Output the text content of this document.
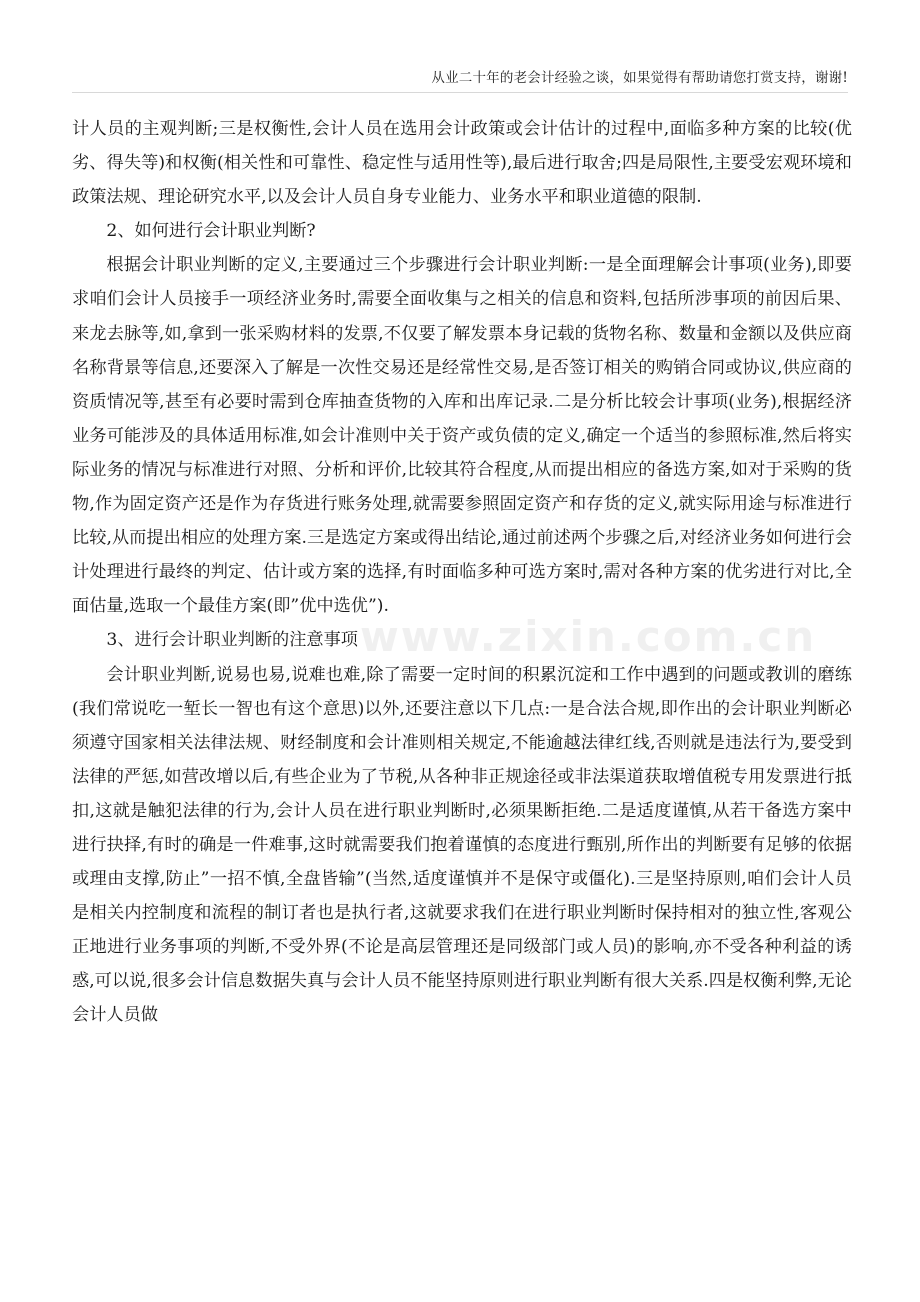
从业二十年的老会计经验之谈，如果觉得有帮助请您打赏支持，谢谢!
www.zixin.com.cn

计人员的主观判断;三是权衡性,会计人员在选用会计政策或会计估计的过程中,面临多种方案的比较(优劣、得失等)和权衡(相关性和可靠性、稳定性与适用性等),最后进行取舍;四是局限性,主要受宏观环境和政策法规、理论研究水平,以及会计人员自身专业能力、业务水平和职业道德的限制.

2、如何进行会计职业判断?

根据会计职业判断的定义,主要通过三个步骤进行会计职业判断:一是全面理解会计事项(业务),即要求咱们会计人员接手一项经济业务时,需要全面收集与之相关的信息和资料,包括所涉事项的前因后果、来龙去脉等,如,拿到一张采购材料的发票,不仅要了解发票本身记载的货物名称、数量和金额以及供应商名称背景等信息,还要深入了解是一次性交易还是经常性交易,是否签订相关的购销合同或协议,供应商的资质情况等,甚至有必要时需到仓库抽查货物的入库和出库记录.二是分析比较会计事项(业务),根据经济业务可能涉及的具体适用标准,如会计准则中关于资产或负债的定义,确定一个适当的参照标准,然后将实际业务的情况与标准进行对照、分析和评价,比较其符合程度,从而提出相应的备选方案,如对于采购的货物,作为固定资产还是作为存货进行账务处理,就需要参照固定资产和存货的定义,就实际用途与标准进行比较,从而提出相应的处理方案.三是选定方案或得出结论,通过前述两个步骤之后,对经济业务如何进行会计处理进行最终的判定、估计或方案的选择,有时面临多种可选方案时,需对各种方案的优劣进行对比,全面估量,选取一个最佳方案(即”优中选优”).

3、进行会计职业判断的注意事项

会计职业判断,说易也易,说难也难,除了需要一定时间的积累沉淀和工作中遇到的问题或教训的磨练(我们常说吃一堑长一智也有这个意思)以外,还要注意以下几点:一是合法合规,即作出的会计职业判断必须遵守国家相关法律法规、财经制度和会计准则相关规定,不能逾越法律红线,否则就是违法行为,要受到法律的严惩,如营改增以后,有些企业为了节税,从各种非正规途径或非法渠道获取增值税专用发票进行抵扣,这就是触犯法律的行为,会计人员在进行职业判断时,必须果断拒绝.二是适度谨慎,从若干备选方案中进行抉择,有时的确是一件难事,这时就需要我们抱着谨慎的态度进行甄别,所作出的判断要有足够的依据或理由支撑,防止”一招不慎,全盘皆输”(当然,适度谨慎并不是保守或僵化).三是坚持原则,咱们会计人员是相关内控制度和流程的制订者也是执行者,这就要求我们在进行职业判断时保持相对的独立性,客观公正地进行业务事项的判断,不受外界(不论是高层管理还是同级部门或人员)的影响,亦不受各种利益的诱惑,可以说,很多会计信息数据失真与会计人员不能坚持原则进行职业判断有很大关系.四是权衡利弊,无论会计人员做
